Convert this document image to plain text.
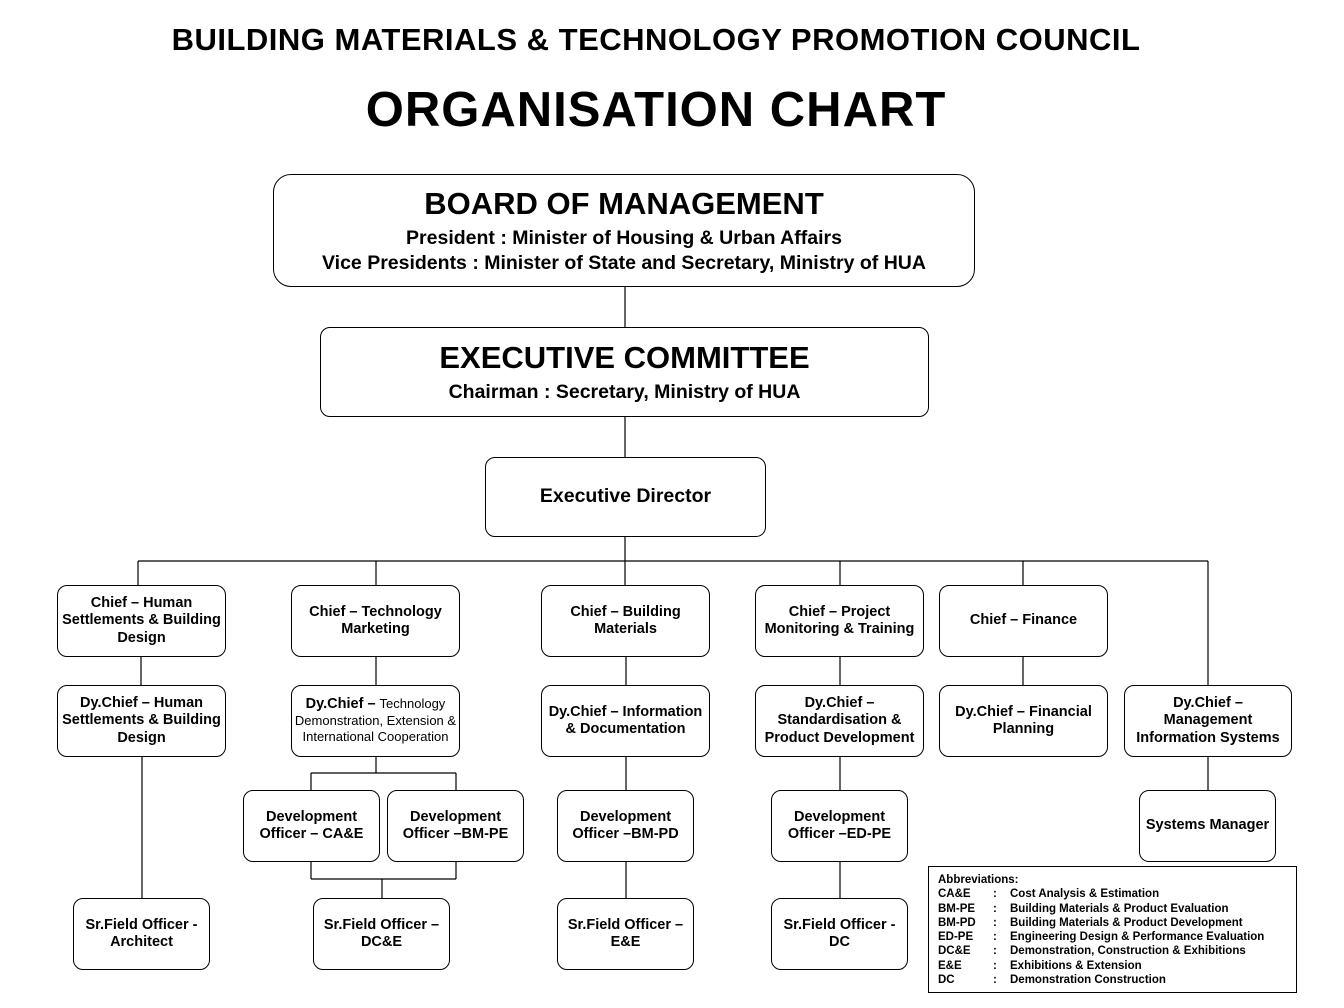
BUILDING MATERIALS & TECHNOLOGY PROMOTION COUNCIL
ORGANISATION CHART
BOARD OF MANAGEMENT
President : Minister of Housing & Urban Affairs
Vice Presidents : Minister of State and Secretary, Ministry of HUA
EXECUTIVE COMMITTEE
Chairman : Secretary, Ministry of HUA
Executive Director
Chief – Human Settlements & Building Design
Chief – Technology Marketing
Chief – Building Materials
Chief – Project Monitoring & Training
Chief – Finance
Dy.Chief – Human Settlements & Building Design
Dy.Chief – Technology Demonstration, Extension & International Cooperation
Dy.Chief – Information & Documentation
Dy.Chief – Standardisation & Product Development
Dy.Chief – Financial Planning
Dy.Chief – Management Information Systems
Development Officer – CA&E
Development Officer –BM-PE
Development Officer –BM-PD
Development Officer –ED-PE
Systems Manager
Sr.Field Officer - Architect
Sr.Field Officer – DC&E
Sr.Field Officer – E&E
Sr.Field Officer - DC
Abbreviations:
CA&E	:	Cost Analysis & Estimation
BM-PE	:	Building Materials & Product Evaluation
BM-PD	:	Building Materials & Product Development
ED-PE	:	Engineering Design & Performance Evaluation
DC&E	:	Demonstration, Construction & Exhibitions
E&E	:	Exhibitions & Extension
DC	:	Demonstration Construction
